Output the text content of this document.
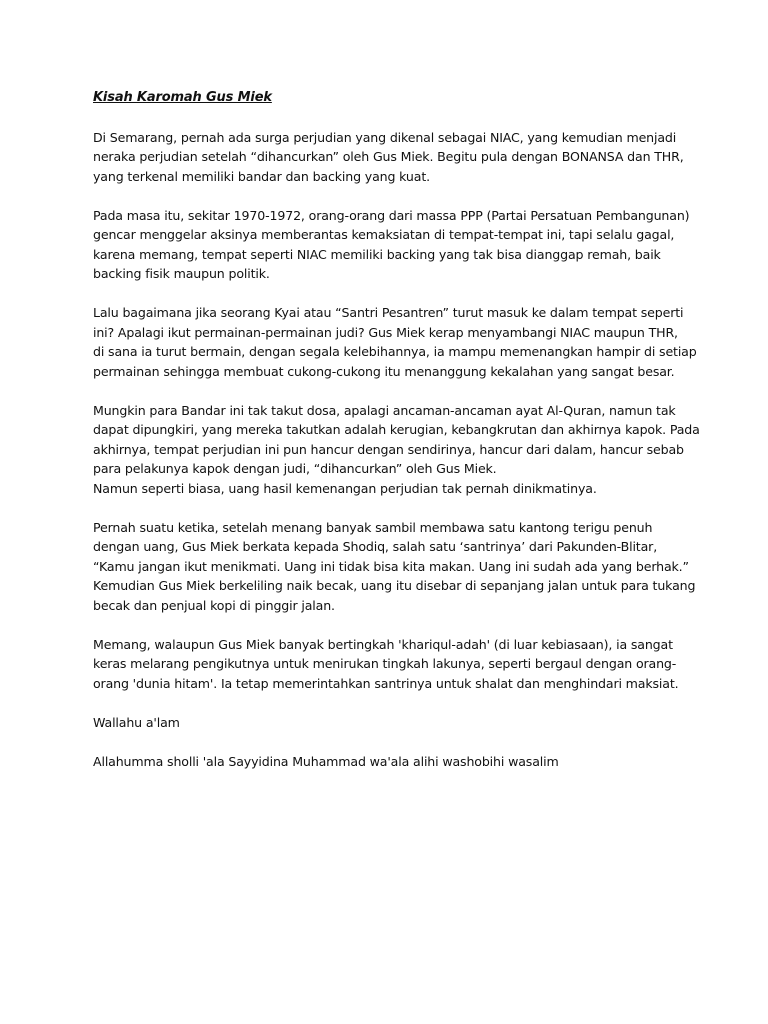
Kisah Karomah Gus Miek

Di Semarang, pernah ada surga perjudian yang dikenal sebagai NIAC, yang kemudian menjadi
neraka perjudian setelah “dihancurkan” oleh Gus Miek. Begitu pula dengan BONANSA dan THR,
yang terkenal memiliki bandar dan backing yang kuat.

Pada masa itu, sekitar 1970-1972, orang-orang dari massa PPP (Partai Persatuan Pembangunan)
gencar menggelar aksinya memberantas kemaksiatan di tempat-tempat ini, tapi selalu gagal,
karena memang, tempat seperti NIAC memiliki backing yang tak bisa dianggap remah, baik
backing fisik maupun politik.

Lalu bagaimana jika seorang Kyai atau “Santri Pesantren” turut masuk ke dalam tempat seperti
ini? Apalagi ikut permainan-permainan judi? Gus Miek kerap menyambangi NIAC maupun THR,
di sana ia turut bermain, dengan segala kelebihannya, ia mampu memenangkan hampir di setiap
permainan sehingga membuat cukong-cukong itu menanggung kekalahan yang sangat besar.

Mungkin para Bandar ini tak takut dosa, apalagi ancaman-ancaman ayat Al-Quran, namun tak
dapat dipungkiri, yang mereka takutkan adalah kerugian, kebangkrutan dan akhirnya kapok. Pada
akhirnya, tempat perjudian ini pun hancur dengan sendirinya, hancur dari dalam, hancur sebab
para pelakunya kapok dengan judi, “dihancurkan” oleh Gus Miek.
Namun seperti biasa, uang hasil kemenangan perjudian tak pernah dinikmatinya.

Pernah suatu ketika, setelah menang banyak sambil membawa satu kantong terigu penuh
dengan uang, Gus Miek berkata kepada Shodiq, salah satu ‘santrinya’ dari Pakunden-Blitar,
“Kamu jangan ikut menikmati. Uang ini tidak bisa kita makan. Uang ini sudah ada yang berhak.”
Kemudian Gus Miek berkeliling naik becak, uang itu disebar di sepanjang jalan untuk para tukang
becak dan penjual kopi di pinggir jalan.

Memang, walaupun Gus Miek banyak bertingkah 'khariqul-adah' (di luar kebiasaan), ia sangat
keras melarang pengikutnya untuk menirukan tingkah lakunya, seperti bergaul dengan orang-
orang 'dunia hitam'. Ia tetap memerintahkan santrinya untuk shalat dan menghindari maksiat.

Wallahu a'lam

Allahumma sholli 'ala Sayyidina Muhammad wa'ala alihi washobihi wasalim
